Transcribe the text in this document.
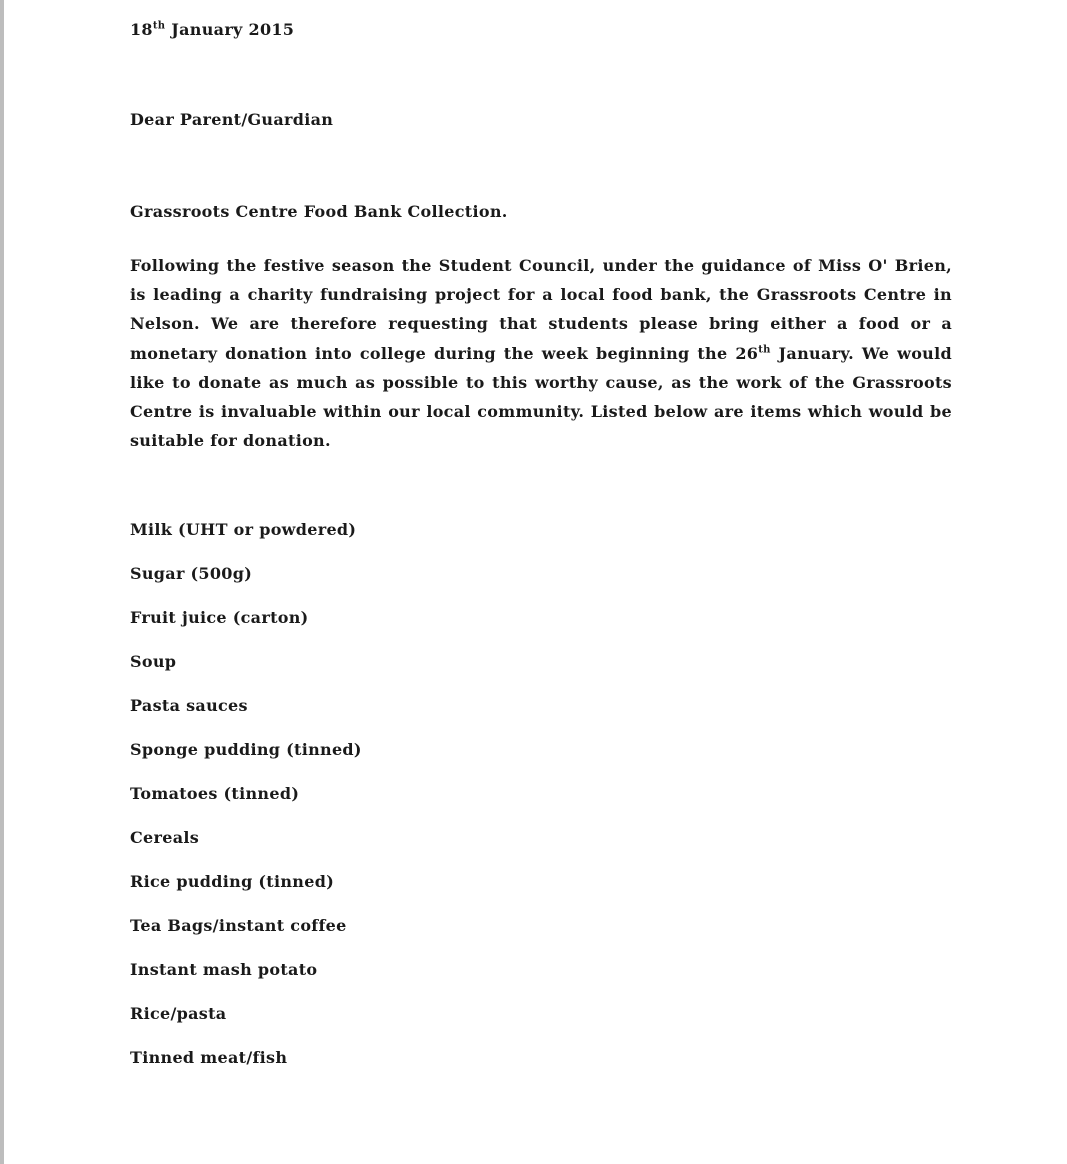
18th January 2015
Dear Parent/Guardian
Grassroots Centre Food Bank Collection.
Following the festive season the Student Council, under the guidance of Miss O' Brien, is leading a charity fundraising project for a local food bank, the Grassroots Centre in Nelson. We are therefore requesting that students please bring either a food or a monetary donation into college during the week beginning the 26th January. We would like to donate as much as possible to this worthy cause, as the work of the Grassroots Centre is invaluable within our local community. Listed below are items which would be suitable for donation.
Milk (UHT or powdered)
Sugar (500g)
Fruit juice (carton)
Soup
Pasta sauces
Sponge pudding (tinned)
Tomatoes (tinned)
Cereals
Rice pudding (tinned)
Tea Bags/instant coffee
Instant mash potato
Rice/pasta
Tinned meat/fish
